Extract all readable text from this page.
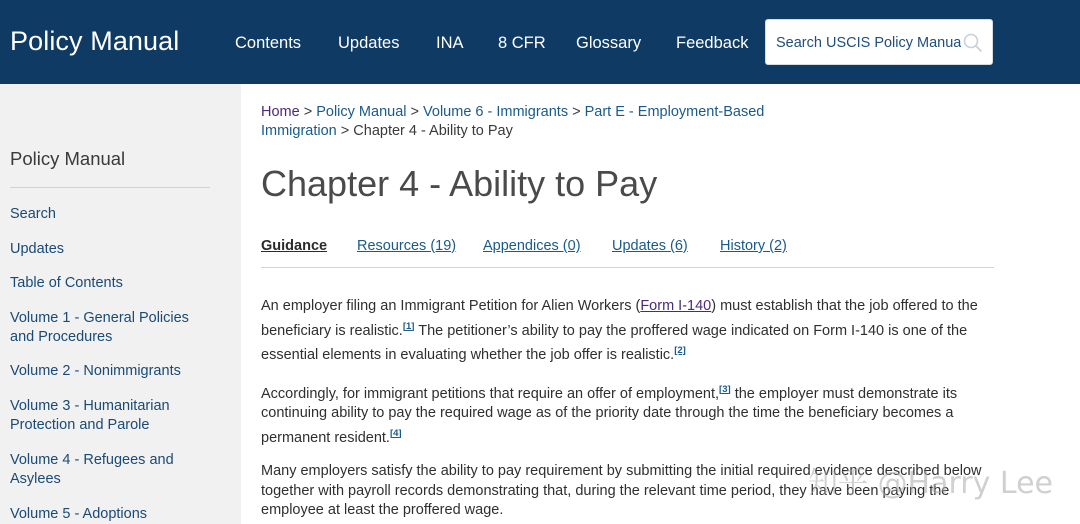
Policy Manual	Contents Updates INA 8 CFR Glossary Feedback
Search USCIS Policy Manual
Policy Manual
Search
Updates
Table of Contents
Volume 1 - General Policies and Procedures
Volume 2 - Nonimmigrants
Volume 3 - Humanitarian Protection and Parole
Volume 4 - Refugees and Asylees
Volume 5 - Adoptions
Home > Policy Manual > Volume 6 - Immigrants > Part E - Employment-Based Immigration > Chapter 4 - Ability to Pay
Chapter 4 - Ability to Pay
Guidance Resources (19) Appendices (0) Updates (6) History (2)

An employer filing an Immigrant Petition for Alien Workers (Form I-140) must establish that the job offered to the beneficiary is realistic.[1] The petitioner’s ability to pay the proffered wage indicated on Form I-140 is one of the essential elements in evaluating whether the job offer is realistic.[2]

Accordingly, for immigrant petitions that require an offer of employment,[3] the employer must demonstrate its continuing ability to pay the required wage as of the priority date through the time the beneficiary becomes a permanent resident.[4]

Many employers satisfy the ability to pay requirement by submitting the initial required evidence described below together with payroll records demonstrating that, during the relevant time period, they have been paying the employee at least the proffered wage.

知乎 @Harry Lee
